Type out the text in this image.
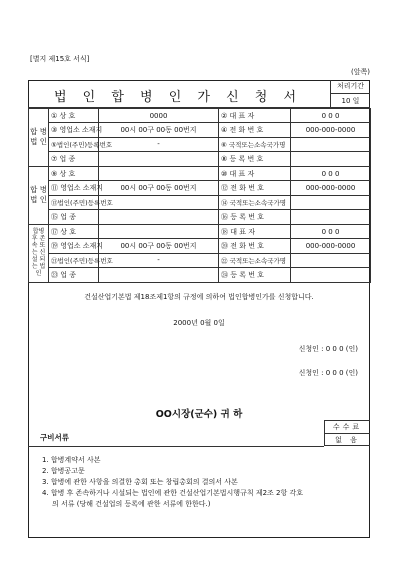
[별지 제15호 서식]
(앞쪽)
법 인 합 병 인 가 신 청 서
처리기간
10 일
합 병 법 인	① 상 호	0000	② 대 표 자	0 0 0
	③ 영업소 소재지	00시 00구 00동 00번지	④ 전 화 번 호	000-000-0000
	⑤법인(주민)등록번호	-	⑥ 국적또는소속국가명	
	⑦ 업 종		⑧ 등 록 번 호	
합 병 법 인	⑨ 상 호		⑩ 대 표 자	0 0 0
	⑪ 영업소 소재지	00시 00구 00동 00번지	⑫ 전 화 번 호	000-000-0000
	⑬법인(주민)등록번호		⑭ 국적또는소속국가명	
	⑮ 업 종		⑯ 등 록 번 호	
합병 후 존속 또는 신설 되는 법인	⑰ 상 호		⑱ 대 표 자	0 0 0
	⑲ 영업소 소재지	00시 00구 00동 00번지	⑳ 전 화 번 호	000-000-0000
	㉑법인(주민)등록번호	-	㉒ 국적또는소속국가명	
	㉓ 업 종		㉔ 등 록 번 호	
건설산업기본법 제18조제1항의 규정에 의하여 법인합병인가를 신청합니다.
2000년 0월 0일
신청인 : 0 0 0 (인)
신청인 : 0 0 0 (인)
OO시장(군수) 귀 하
수수료
없 음
구비서류
1. 합병계약서 사본
2. 합병공고문
3. 합병에 관한 사항을 의결한 총회 또는 창립총회의 결의서 사본
4. 합병 후 존속하거나 시설되는 법인에 관한 건설산업기본법시행규칙 제2조 2항 각호
의 서류 (당해 건설업의 등록에 관한 서류에 한한다.)
